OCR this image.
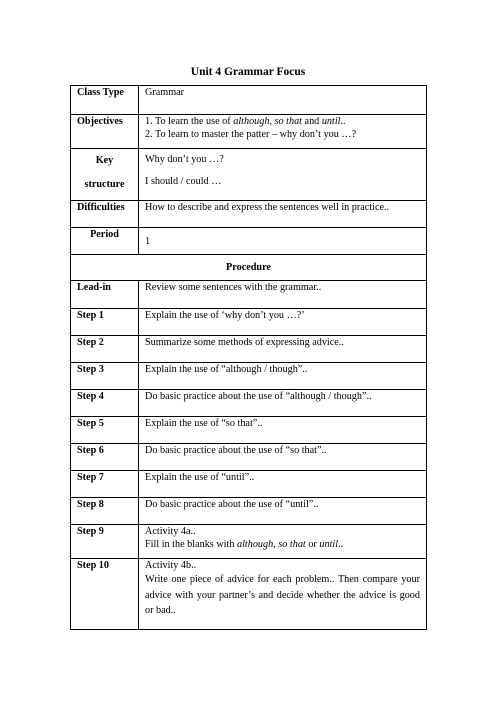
Unit 4 Grammar Focus
Class Type	Grammar
Objectives	1. To learn the use of although, so that and until..
2. To learn to master the patter – why don’t you …?

Key
structure	Why don’t you …?
I should / could …

Difficulties	How to describe and express the sentences well in practice..
Period	1
Procedure	
Lead-in	Review some sentences with the grammar..
Step 1	Explain the use of ‘why don’t you …?’
Step 2	Summarize some methods of expressing advice..
Step 3	Explain the use of “although / though”..
Step 4	Do basic practice about the use of “although / though”..
Step 5	Explain the use of “so that”..
Step 6	Do basic practice about the use of “so that”..
Step 7	Explain the use of “until”..
Step 8	Do basic practice about the use of “until”..
Step 9	Activity 4a..
Fill in the blanks with although, so that or until..

Step 10	Activity 4b..
Write one piece of advice for each problem.. Then compare your advice with your partner’s and decide whether the advice is good or bad..
